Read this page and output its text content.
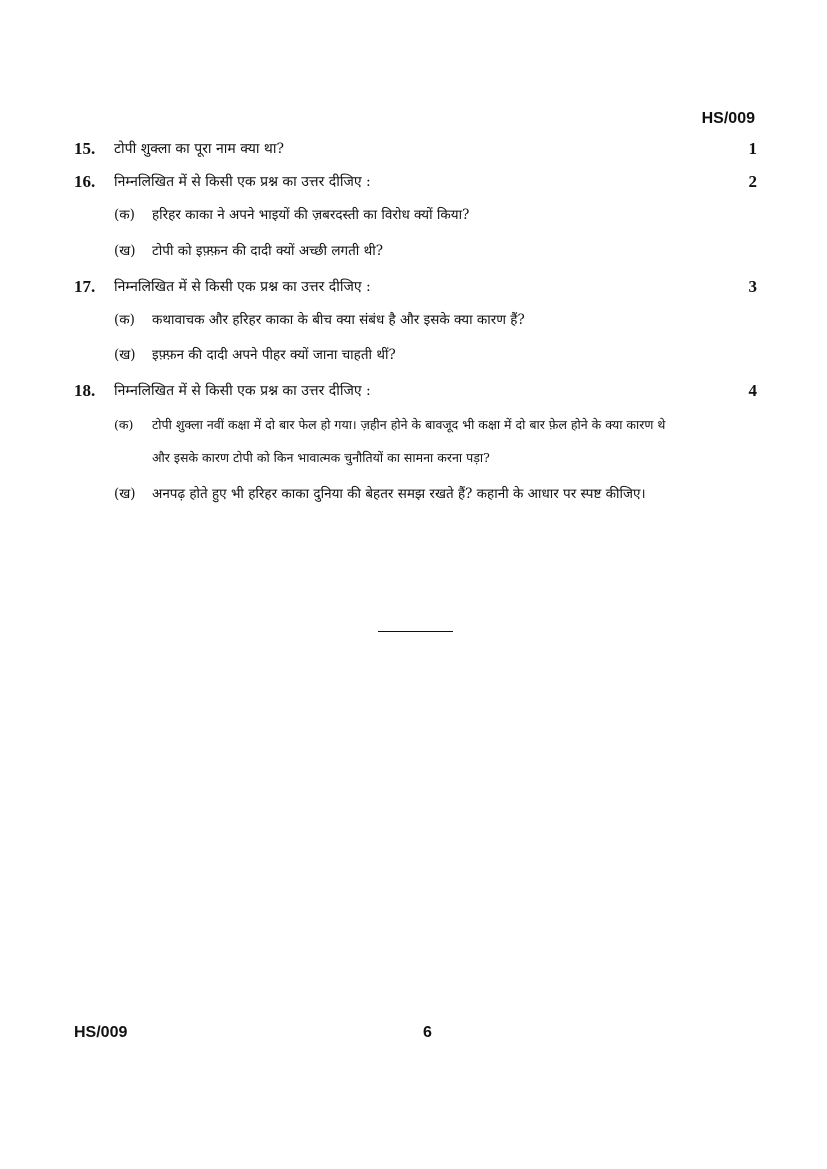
HS/009
15. टोपी शुक्ला का पूरा नाम क्या था?	1
16. निम्नलिखित में से किसी एक प्रश्न का उत्तर दीजिए :	2
(क) हरिहर काका ने अपने भाइयों की ज़बरदस्ती का विरोध क्यों किया?
(ख) टोपी को इफ़्फ़न की दादी क्यों अच्छी लगती थी?
17. निम्नलिखित में से किसी एक प्रश्न का उत्तर दीजिए :	3
(क) कथावाचक और हरिहर काका के बीच क्या संबंध है और इसके क्या कारण हैं?
(ख) इफ़्फ़न की दादी अपने पीहर क्यों जाना चाहती थीं?
18. निम्नलिखित में से किसी एक प्रश्न का उत्तर दीजिए :	4
(क) टोपी शुक्ला नवीं कक्षा में दो बार फेल हो गया। ज़हीन होने के बावजूद भी कक्षा में दो बार फ़ेल होने के क्या कारण थे
और इसके कारण टोपी को किन भावात्मक चुनौतियों का सामना करना पड़ा?
(ख) अनपढ़ होते हुए भी हरिहर काका दुनिया की बेहतर समझ रखते हैं? कहानी के आधार पर स्पष्ट कीजिए।
HS/009	6
